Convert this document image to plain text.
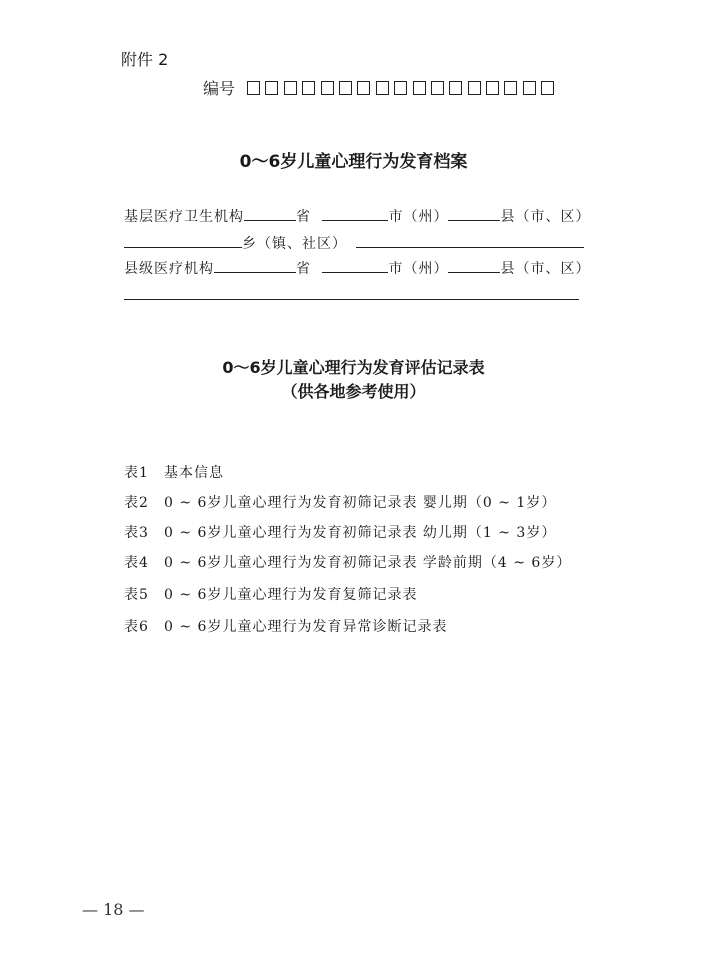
附件 2
编号
0～6岁儿童心理行为发育档案
基层医疗卫生机构	省	市（州）	县（市、区）
乡（镇、社区）
县级医疗机构	省	市（州）	县（市、区）
0～6岁儿童心理行为发育评估记录表
（供各地参考使用）
表1 基本信息
表2 0 ~ 6岁儿童心理行为发育初筛记录表 婴儿期（0 ~ 1岁）
表3 0 ~ 6岁儿童心理行为发育初筛记录表 幼儿期（1 ~ 3岁）
表4 0 ~ 6岁儿童心理行为发育初筛记录表 学龄前期（4 ~ 6岁）
表5 0 ~ 6岁儿童心理行为发育复筛记录表
表6 0 ~ 6岁儿童心理行为发育异常诊断记录表
— 18 —
